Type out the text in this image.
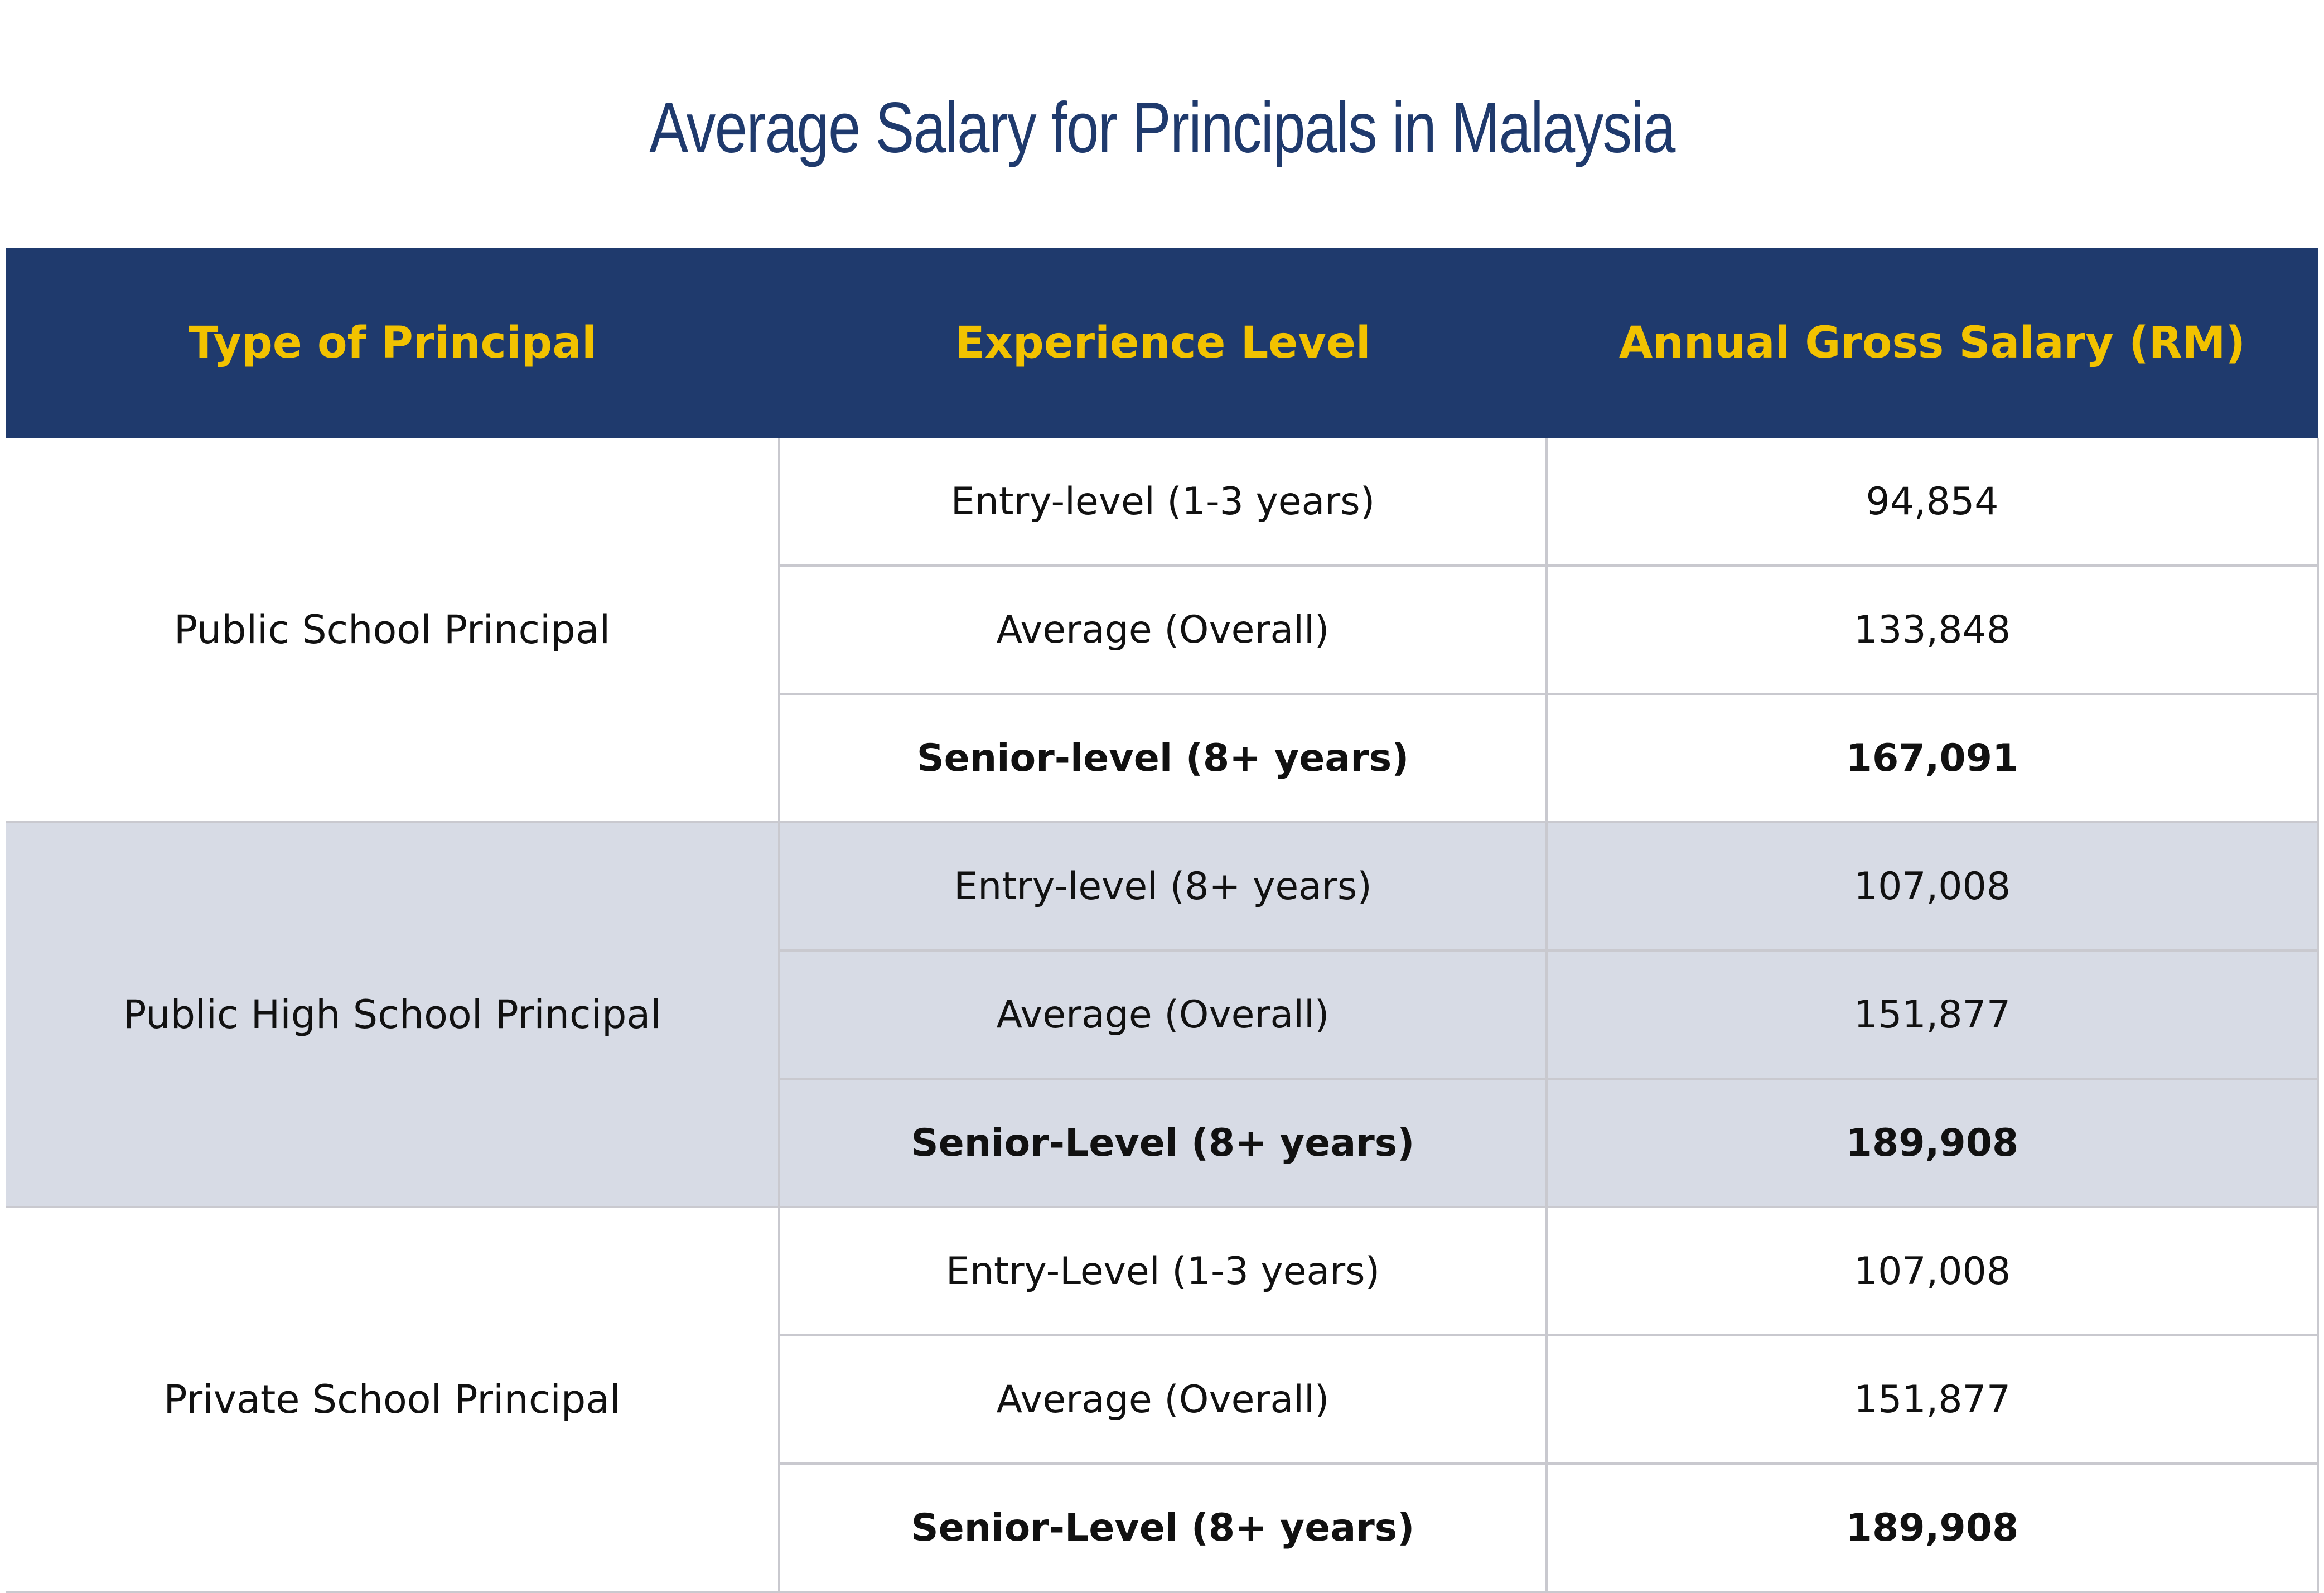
Average Salary for Principals in Malaysia
Type of Principal	Experience Level	Annual Gross Salary (RM)
Public School Principal	Entry-level (1-3 years)	94,854
	Average (Overall)	133,848
	Senior-level (8+ years)	167,091
Public High School Principal	Entry-level (8+ years)	107,008
	Average (Overall)	151,877
	Senior-Level (8+ years)	189,908
Private School Principal	Entry-Level (1-3 years)	107,008
	Average (Overall)	151,877
	Senior-Level (8+ years)	189,908
